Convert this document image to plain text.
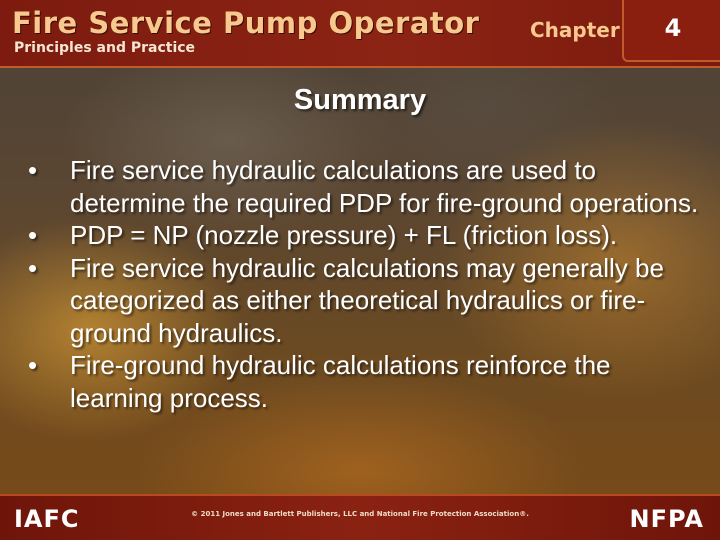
Fire Service Pump Operator
Principles and Practice
Chapter	4
Summary
•	Fire service hydraulic calculations are used to determine the required PDP for fire-ground operations.
•	PDP = NP (nozzle pressure) + FL (friction loss).
•	Fire service hydraulic calculations may generally be categorized as either theoretical hydraulics or fire-ground hydraulics.
•	Fire-ground hydraulic calculations reinforce the learning process.
IAFC	© 2011 Jones and Bartlett Publishers, LLC and National Fire Protection Association®.	NFPA
